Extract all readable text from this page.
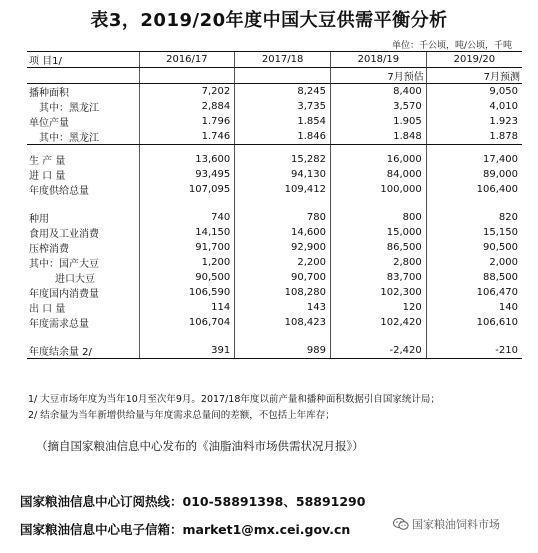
表3，2019/20年度中国大豆供需平衡分析
单位：千公顷，吨/公顷，千吨
项 目1/	2016/17	2017/18	2018/19	2019/20
			7月预估	7月预测
播种面积	7,202	8,245	8,400	9,050
其中：黑龙江	2,884	3,735	3,570	4,010
单位产量	1.796	1.854	1.905	1.923
其中：黑龙江	1.746	1.846	1.848	1.878

生 产 量	13,600	15,282	16,000	17,400
进 口 量	93,495	94,130	84,000	89,000
年度供给总量	107,095	109,412	100,000	106,400

种用	740	780	800	820
食用及工业消费	14,150	14,600	15,000	15,150
压榨消费	91,700	92,900	86,500	90,500
其中：国产大豆	1,200	2,200	2,800	2,000
进口大豆	90,500	90,700	83,700	88,500
年度国内消费量	106,590	108,280	102,300	106,470
出 口 量	114	143	120	140
年度需求总量	106,704	108,423	102,420	106,610

年度结余量 2/	391	989	-2,420	-210
1/ 大豆市场年度为当年10月至次年9月。2017/18年度以前产量和播种面积数据引自国家统计局；
2/ 结余量为当年新增供给量与年度需求总量间的差额，不包括上年库存；
（摘自国家粮油信息中心发布的《油脂油料市场供需状况月报》）
国家粮油信息中心订阅热线：010-58891398、58891290
国家粮油信息中心电子信箱：market1@mx.cei.gov.cn	国家粮油饲料市场
